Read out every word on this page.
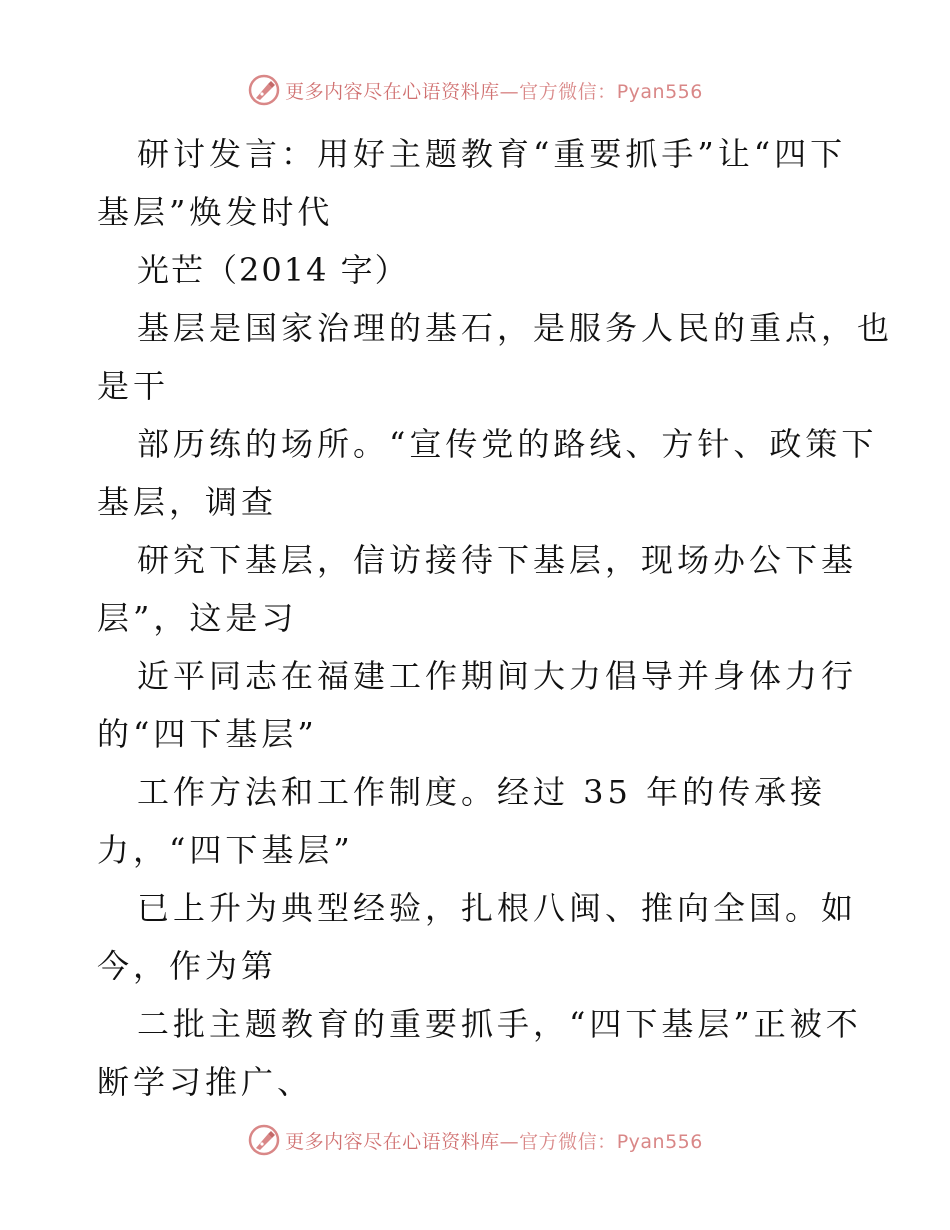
更多内容尽在心语资料库—官方微信：Pyan556
研讨发言：用好主题教育“重要抓手”让“四下
基层”焕发时代
光芒（2014 字）
基层是国家治理的基石，是服务人民的重点，也
是干
部历练的场所。“宣传党的路线、方针、政策下
基层，调查
研究下基层，信访接待下基层，现场办公下基
层”，这是习
近平同志在福建工作期间大力倡导并身体力行
的“四下基层”
工作方法和工作制度。经过 35 年的传承接
力，“四下基层”
已上升为典型经验，扎根八闽、推向全国。如
今，作为第
二批主题教育的重要抓手，“四下基层”正被不
断学习推广、
更多内容尽在心语资料库—官方微信：Pyan556
